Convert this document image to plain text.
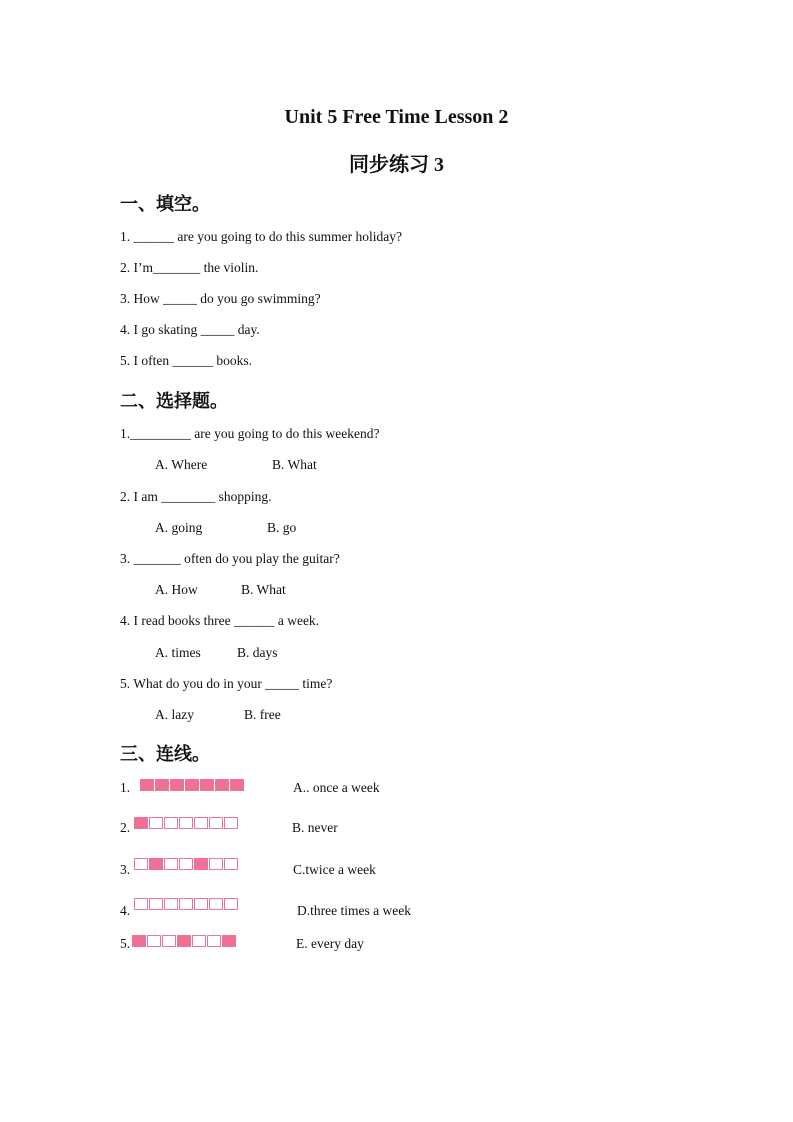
Unit 5 Free Time Lesson 2
同步练习 3
一、填空。
1. ______ are you going to do this summer holiday?
2. I’m_______ the violin.
3. How _____ do you go swimming?
4. I go skating _____ day.
5. I often ______ books.
二、选择题。
1._________ are you going to do this weekend?
A. Where	B. What
2. I am ________ shopping.
A. going	B. go
3. _______ often do you play the guitar?
A. How	B. What
4. I read books three ______ a week.
A. times	B. days
5. What do you do in your _____ time?
A. lazy	B. free
三、连线。
1.	A.. once a week
2.	B. never
3.	C.twice a week
4.	D.three times a week
5.	E. every day
